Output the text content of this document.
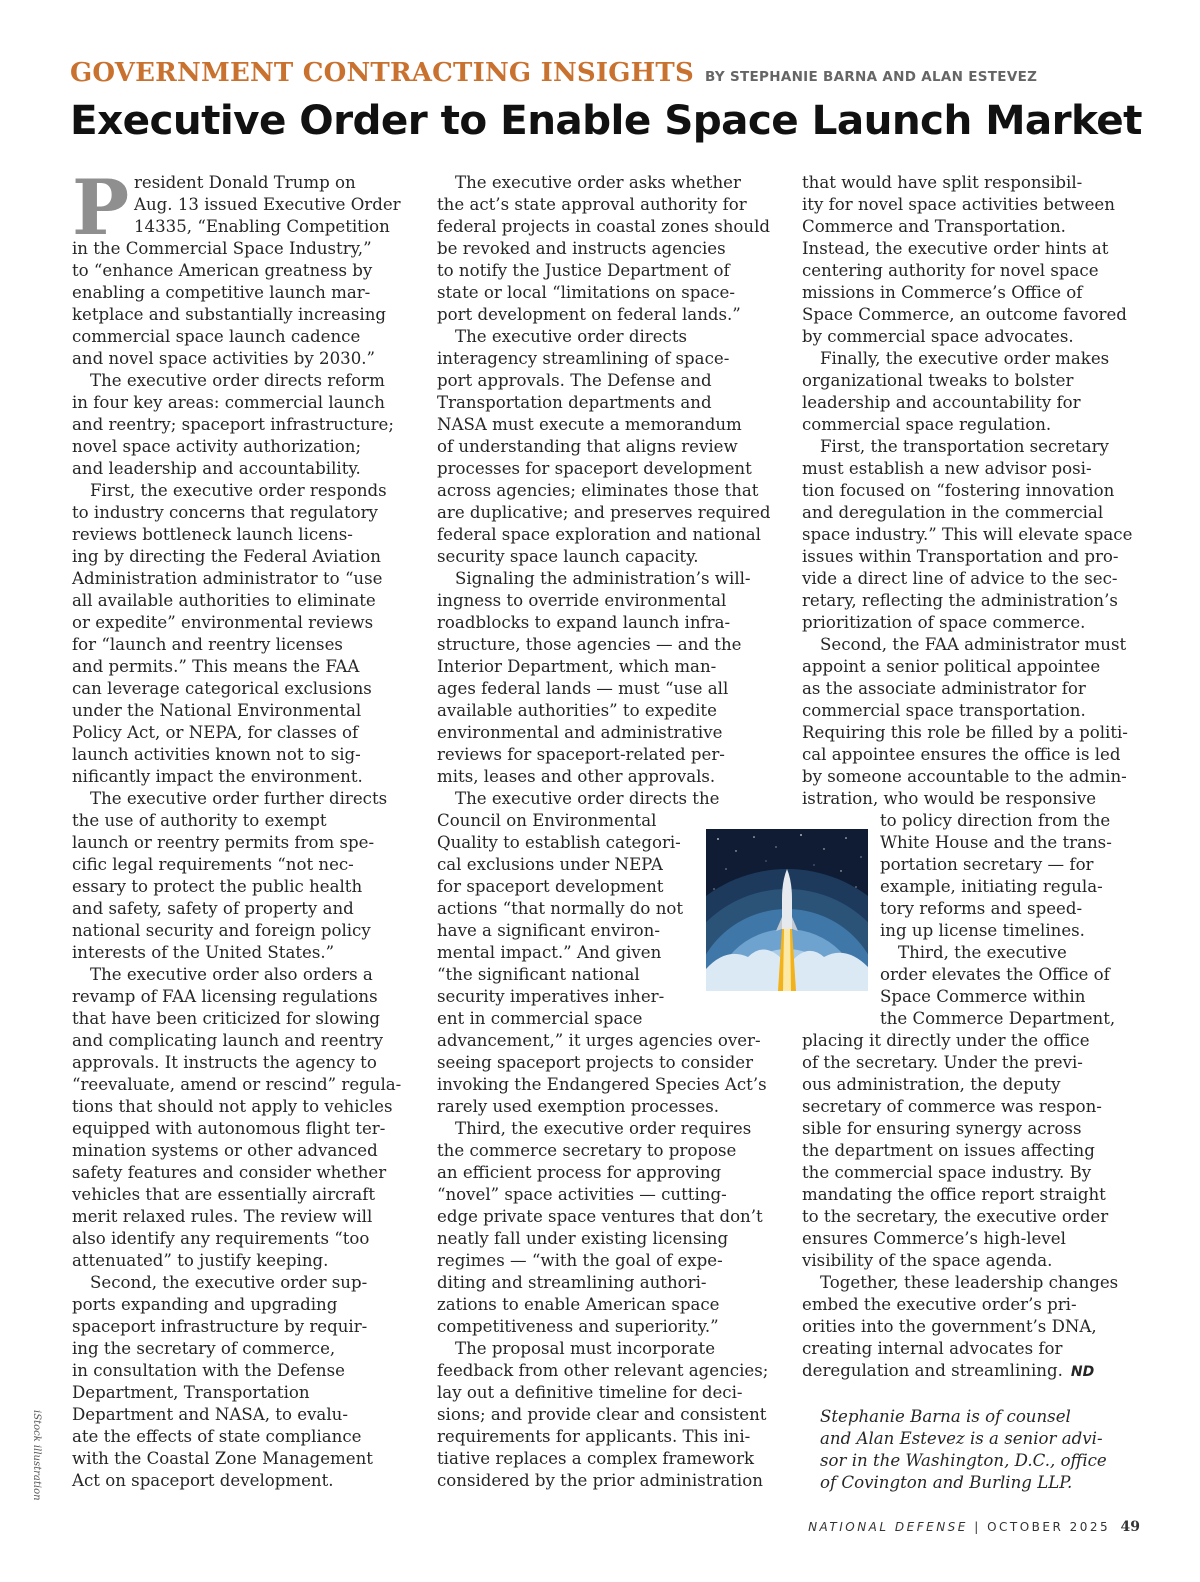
GOVERNMENT CONTRACTING INSIGHTS BY STEPHANIE BARNA AND ALAN ESTEVEZ
Executive Order to Enable Space Launch Market
P resident Donald Trump on
Aug. 13 issued Executive Order
14335, “Enabling Competition
in the Commercial Space Industry,”
to “enhance American greatness by
enabling a competitive launch mar-
ketplace and substantially increasing
commercial space launch cadence
and novel space activities by 2030.”
The executive order directs reform
in four key areas: commercial launch
and reentry; spaceport infrastructure;
novel space activity authorization;
and leadership and accountability.
First, the executive order responds
to industry concerns that regulatory
reviews bottleneck launch licens-
ing by directing the Federal Aviation
Administration administrator to “use
all available authorities to eliminate
or expedite” environmental reviews
for “launch and reentry licenses
and permits.” This means the FAA
can leverage categorical exclusions
under the National Environmental
Policy Act, or NEPA, for classes of
launch activities known not to sig-
nificantly impact the environment.
The executive order further directs
the use of authority to exempt
launch or reentry permits from spe-
cific legal requirements “not nec-
essary to protect the public health
and safety, safety of property and
national security and foreign policy
interests of the United States.”
The executive order also orders a
revamp of FAA licensing regulations
that have been criticized for slowing
and complicating launch and reentry
approvals. It instructs the agency to
“reevaluate, amend or rescind” regula-
tions that should not apply to vehicles
equipped with autonomous flight ter-
mination systems or other advanced
safety features and consider whether
vehicles that are essentially aircraft
merit relaxed rules. The review will
also identify any requirements “too
attenuated” to justify keeping.
Second, the executive order sup-
ports expanding and upgrading
spaceport infrastructure by requir-
ing the secretary of commerce,
in consultation with the Defense
Department, Transportation
Department and NASA, to evalu-
ate the effects of state compliance
with the Coastal Zone Management
Act on spaceport development.
The executive order asks whether
the act’s state approval authority for
federal projects in coastal zones should
be revoked and instructs agencies
to notify the Justice Department of
state or local “limitations on space-
port development on federal lands.”
The executive order directs
interagency streamlining of space-
port approvals. The Defense and
Transportation departments and
NASA must execute a memorandum
of understanding that aligns review
processes for spaceport development
across agencies; eliminates those that
are duplicative; and preserves required
federal space exploration and national
security space launch capacity.
Signaling the administration’s will-
ingness to override environmental
roadblocks to expand launch infra-
structure, those agencies — and the
Interior Department, which man-
ages federal lands — must “use all
available authorities” to expedite
environmental and administrative
reviews for spaceport-related per-
mits, leases and other approvals.
The executive order directs the
Council on Environmental
Quality to establish categori-
cal exclusions under NEPA
for spaceport development
actions “that normally do not
have a significant environ-
mental impact.” And given
“the significant national
security imperatives inher-
ent in commercial space
advancement,” it urges agencies over-
seeing spaceport projects to consider
invoking the Endangered Species Act’s
rarely used exemption processes.
Third, the executive order requires
the commerce secretary to propose
an efficient process for approving
“novel” space activities — cutting-
edge private space ventures that don’t
neatly fall under existing licensing
regimes — “with the goal of expe-
diting and streamlining authori-
zations to enable American space
competitiveness and superiority.”
The proposal must incorporate
feedback from other relevant agencies;
lay out a definitive timeline for deci-
sions; and provide clear and consistent
requirements for applicants. This ini-
tiative replaces a complex framework
considered by the prior administration
that would have split responsibil-
ity for novel space activities between
Commerce and Transportation.
Instead, the executive order hints at
centering authority for novel space
missions in Commerce’s Office of
Space Commerce, an outcome favored
by commercial space advocates.
Finally, the executive order makes
organizational tweaks to bolster
leadership and accountability for
commercial space regulation.
First, the transportation secretary
must establish a new advisor posi-
tion focused on “fostering innovation
and deregulation in the commercial
space industry.” This will elevate space
issues within Transportation and pro-
vide a direct line of advice to the sec-
retary, reflecting the administration’s
prioritization of space commerce.
Second, the FAA administrator must
appoint a senior political appointee
as the associate administrator for
commercial space transportation.
Requiring this role be filled by a politi-
cal appointee ensures the office is led
by someone accountable to the admin-
istration, who would be responsive
to policy direction from the
White House and the trans-
portation secretary — for
example, initiating regula-
tory reforms and speed-
ing up license timelines.
Third, the executive
order elevates the Office of
Space Commerce within
the Commerce Department,
placing it directly under the office
of the secretary. Under the previ-
ous administration, the deputy
secretary of commerce was respon-
sible for ensuring synergy across
the department on issues affecting
the commercial space industry. By
mandating the office report straight
to the secretary, the executive order
ensures Commerce’s high-level
visibility of the space agenda.
Together, these leadership changes
embed the executive order’s pri-
orities into the government’s DNA,
creating internal advocates for
deregulation and streamlining. ND
Stephanie Barna is of counsel
and Alan Estevez is a senior advi-
sor in the Washington, D.C., office
of Covington and Burling LLP.
iStock illustration
NATIONAL DEFENSE | OCTOBER 2025 49
